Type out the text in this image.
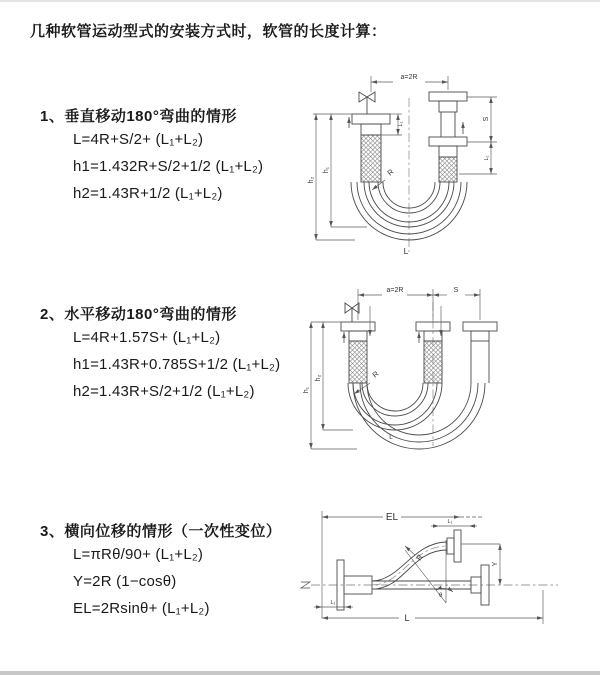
几种软管运动型式的安装方式时，软管的长度计算：
1、垂直移动180°弯曲的情形
L=4R+S/2+ (L₁+L₂)
h1=1.432R+S/2+1/2 (L₁+L₂)
h2=1.43R+1/2 (L₁+L₂)
2、水平移动180°弯曲的情形
L=4R+1.57S+ (L₁+L₂)
h1=1.43R+0.785S+1/2 (L₁+L₂)
h2=1.43R+S/2+1/2 (L₁+L₂)
3、横向位移的情形（一次性变位）
L=πRθ/90+ (L₁+L₂)
Y=2R (1−cosθ)
EL=2Rsinθ+ (L₁+L₂)
a=2R
h₁
h₂
S
L₁
L₁
R
L
a=2R	S
h₂
h₁
R
L
EL	L₁
Y
L₁
R
θ
L
